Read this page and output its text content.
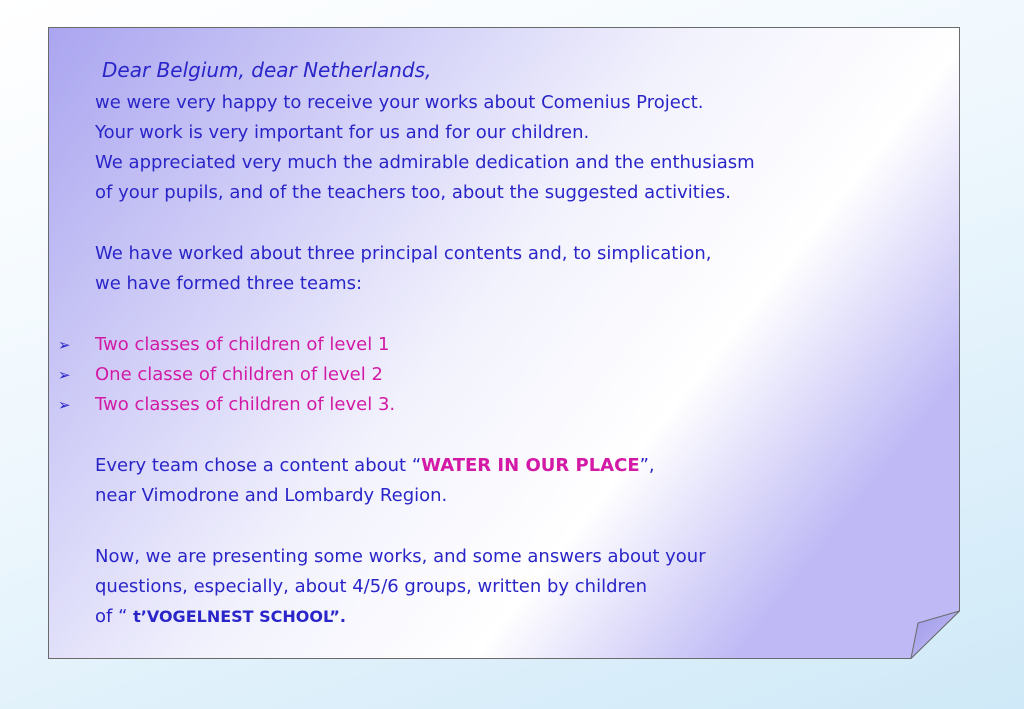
Dear Belgium, dear Netherlands,
we were very happy to receive your works about Comenius Project.
Your work is very important for us and for our children.
We appreciated very much the admirable dedication and the enthusiasm
of your pupils, and of the teachers too, about the suggested activities.
We have worked about three principal contents and, to simplication,
we have formed three teams:
➢ Two classes of children of level 1
➢ One classe of children of level 2
➢ Two classes of children of level 3.
Every team chose a content about “WATER IN OUR PLACE”,
near Vimodrone and Lombardy Region.
Now, we are presenting some works, and some answers about your
questions, especially, about 4/5/6 groups, written by children
of “ t’VOGELNEST SCHOOL”.
